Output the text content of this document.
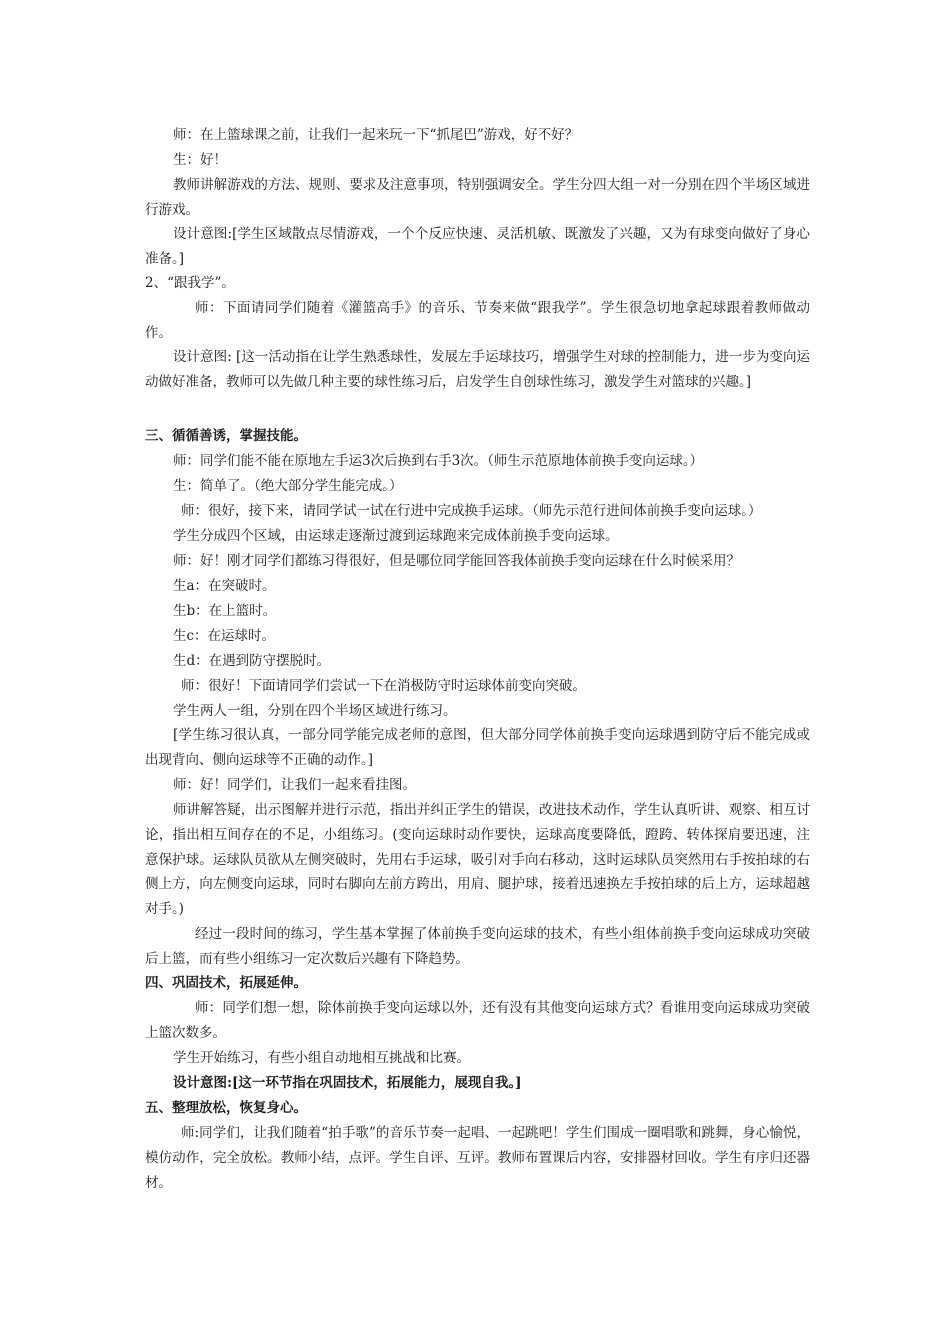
师：在上篮球课之前，让我们一起来玩一下“抓尾巴”游戏，好不好？

生：好！

教师讲解游戏的方法、规则、要求及注意事项，特别强调安全。学生分四大组一对一分别在四个半场区域进行游戏。

设计意图:[学生区域散点尽情游戏，一个个反应快速、灵活机敏、既激发了兴趣，又为有球变向做好了身心准备。]

2、“跟我学”。

师：下面请同学们随着《灌篮高手》的音乐、节奏来做“跟我学”。学生很急切地拿起球跟着教师做动作。

设计意图: [这一活动指在让学生熟悉球性，发展左手运球技巧，增强学生对球的控制能力，进一步为变向运动做好准备，教师可以先做几种主要的球性练习后，启发学生自创球性练习，激发学生对篮球的兴趣。]

三、循循善诱，掌握技能。

师：同学们能不能在原地左手运3次后换到右手3次。（师生示范原地体前换手变向运球。）

生：简单了。（绝大部分学生能完成。）

师：很好，接下来，请同学试一试在行进中完成换手运球。（师先示范行进间体前换手变向运球。）

学生分成四个区域，由运球走逐渐过渡到运球跑来完成体前换手变向运球。

师：好！刚才同学们都练习得很好，但是哪位同学能回答我体前换手变向运球在什么时候采用？

生a：在突破时。

生b：在上篮时。

生c：在运球时。

生d：在遇到防守摆脱时。

师：很好！下面请同学们尝试一下在消极防守时运球体前变向突破。

学生两人一组，分别在四个半场区域进行练习。

[学生练习很认真，一部分同学能完成老师的意图，但大部分同学体前换手变向运球遇到防守后不能完成或出现背向、侧向运球等不正确的动作。]

师：好！同学们，让我们一起来看挂图。

师讲解答疑，出示图解并进行示范，指出并纠正学生的错误，改进技术动作，学生认真听讲、观察、相互讨论，指出相互间存在的不足，小组练习。(变向运球时动作要快，运球高度要降低，蹬跨、转体探肩要迅速，注意保护球。运球队员欲从左侧突破时，先用右手运球，吸引对手向右移动，这时运球队员突然用右手按拍球的右侧上方，向左侧变向运球，同时右脚向左前方跨出，用肩、腿护球，接着迅速换左手按拍球的后上方，运球超越对手。)

经过一段时间的练习，学生基本掌握了体前换手变向运球的技术，有些小组体前换手变向运球成功突破后上篮，而有些小组练习一定次数后兴趣有下降趋势。

四、巩固技术，拓展延伸。

师：同学们想一想，除体前换手变向运球以外，还有没有其他变向运球方式？看谁用变向运球成功突破上篮次数多。

学生开始练习，有些小组自动地相互挑战和比赛。

设计意图:[这一环节指在巩固技术，拓展能力，展现自我。]

五、整理放松，恢复身心。

师:同学们，让我们随着“拍手歌”的音乐节奏一起唱、一起跳吧！学生们围成一圈唱歌和跳舞，身心愉悦，模仿动作，完全放松。教师小结，点评。学生自评、互评。教师布置课后内容，安排器材回收。学生有序归还器材。
